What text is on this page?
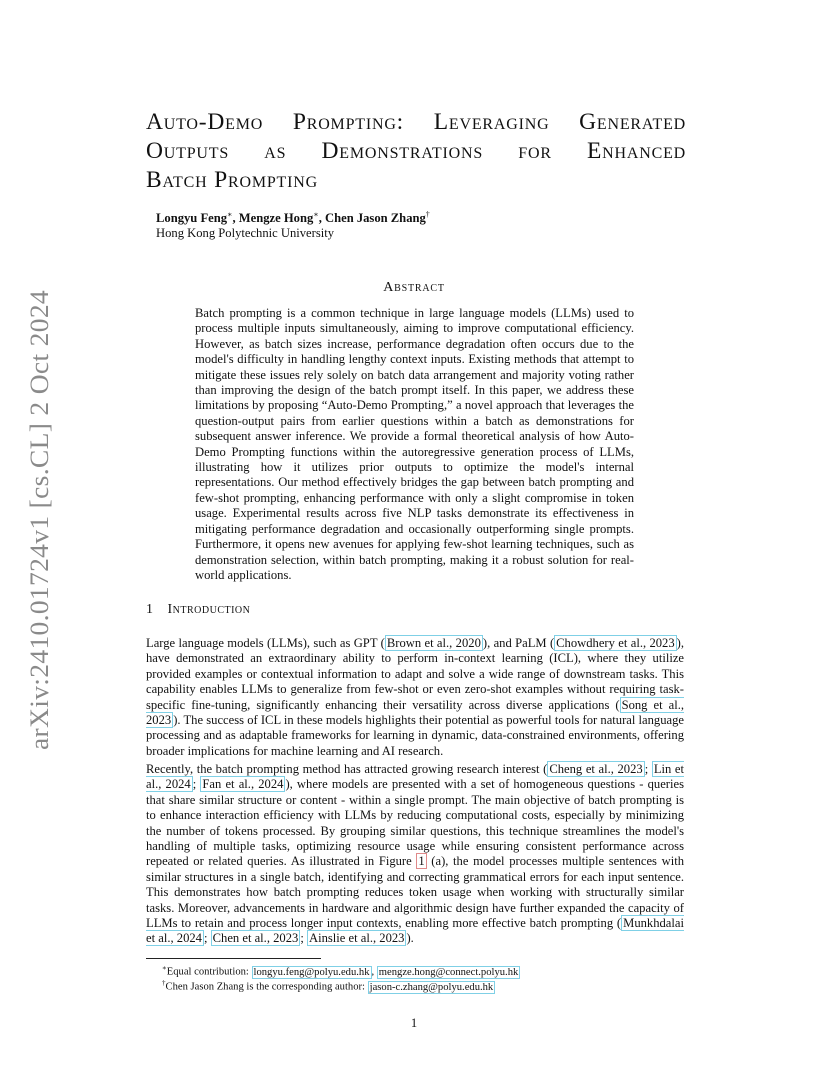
arXiv:2410.01724v1 [cs.CL] 2 Oct 2024
Auto-Demo Prompting: Leveraging Generated
Outputs as Demonstrations for Enhanced
Batch Prompting
Longyu Feng∗, Mengze Hong∗, Chen Jason Zhang†
Hong Kong Polytechnic University
Abstract

Batch prompting is a common technique in large language models (LLMs) used to process multiple inputs simultaneously, aiming to improve computational efficiency. However, as batch sizes increase, performance degradation often occurs due to the model's difficulty in handling lengthy context inputs. Existing methods that attempt to mitigate these issues rely solely on batch data arrangement and majority voting rather than improving the design of the batch prompt itself. In this paper, we address these limitations by proposing “Auto-Demo Prompting,” a novel approach that leverages the question-output pairs from earlier questions within a batch as demonstrations for subsequent answer inference. We provide a formal theoretical analysis of how Auto-Demo Prompting functions within the autoregressive generation process of LLMs, illustrating how it utilizes prior outputs to optimize the model's internal representations. Our method effectively bridges the gap between batch prompting and few-shot prompting, enhancing performance with only a slight compromise in token usage. Experimental results across five NLP tasks demonstrate its effectiveness in mitigating performance degradation and occasionally outperforming single prompts. Furthermore, it opens new avenues for applying few-shot learning techniques, such as demonstration selection, within batch prompting, making it a robust solution for real-world applications.

1 Introduction

Large language models (LLMs), such as GPT ( Brown et al., 2020 ), and PaLM ( Chowdhery et al., 2023 ), have demonstrated an extraordinary ability to perform in-context learning (ICL), where they utilize provided examples or contextual information to adapt and solve a wide range of downstream tasks. This capability enables LLMs to generalize from few-shot or even zero-shot examples without requiring task-specific fine-tuning, significantly enhancing their versatility across diverse applications ( Song et al., 2023 ). The success of ICL in these models highlights their potential as powerful tools for natural language processing and as adaptable frameworks for learning in dynamic, data-constrained environments, offering broader implications for machine learning and AI research.

Recently, the batch prompting method has attracted growing research interest ( Cheng et al., 2023 ; Lin et al., 2024 ; Fan et al., 2024 ), where models are presented with a set of homogeneous questions - queries that share similar structure or content - within a single prompt. The main objective of batch prompting is to enhance interaction efficiency with LLMs by reducing computational costs, especially by minimizing the number of tokens processed. By grouping similar questions, this technique streamlines the model's handling of multiple tasks, optimizing resource usage while ensuring consistent performance across repeated or related queries. As illustrated in Figure 1 (a), the model processes multiple sentences with similar structures in a single batch, identifying and correcting grammatical errors for each input sentence. This demonstrates how batch prompting reduces token usage when working with structurally similar tasks. Moreover, advancements in hardware and algorithmic design have further expanded the capacity of LLMs to retain and process longer input contexts, enabling more effective batch prompting ( Munkhdalai et al., 2024 ; Chen et al., 2023 ; Ainslie et al., 2023 ).

∗Equal contribution: longyu.feng@polyu.edu.hk , mengze.hong@connect.polyu.hk
†Chen Jason Zhang is the corresponding author: jason-c.zhang@polyu.edu.hk
1
